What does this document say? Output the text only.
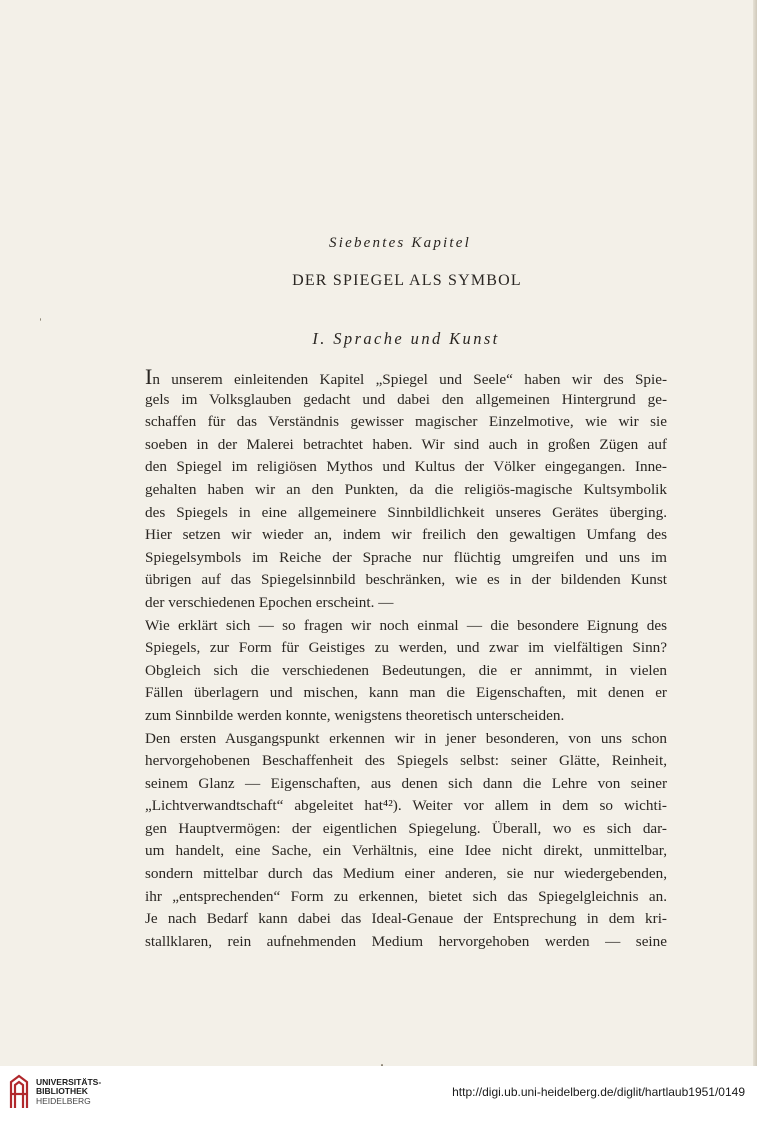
Siebentes Kapitel
DER SPIEGEL ALS SYMBOL
I. Sprache und Kunst
I n unserem einleitenden Kapitel „Spiegel und Seele“ haben wir des Spie-
gels im Volksglauben gedacht und dabei den allgemeinen Hintergrund ge-
schaffen für das Verständnis gewisser magischer Einzelmotive, wie wir sie
soeben in der Malerei betrachtet haben. Wir sind auch in großen Zügen auf
den Spiegel im religiösen Mythos und Kultus der Völker eingegangen. Inne-
gehalten haben wir an den Punkten, da die religiös-magische Kultsymbolik
des Spiegels in eine allgemeinere Sinnbildlichkeit unseres Gerätes überging.
Hier setzen wir wieder an, indem wir freilich den gewaltigen Umfang des
Spiegelsymbols im Reiche der Sprache nur flüchtig umgreifen und uns im
übrigen auf das Spiegelsinnbild beschränken, wie es in der bildenden Kunst
der verschiedenen Epochen erscheint. —
Wie erklärt sich — so fragen wir noch einmal — die besondere Eignung des
Spiegels, zur Form für Geistiges zu werden, und zwar im vielfältigen Sinn?
Obgleich sich die verschiedenen Bedeutungen, die er annimmt, in vielen
Fällen überlagern und mischen, kann man die Eigenschaften, mit denen er
zum Sinnbilde werden konnte, wenigstens theoretisch unterscheiden.
Den ersten Ausgangspunkt erkennen wir in jener besonderen, von uns schon
hervorgehobenen Beschaffenheit des Spiegels selbst: seiner Glätte, Reinheit,
seinem Glanz — Eigenschaften, aus denen sich dann die Lehre von seiner
„Lichtverwandtschaft“ abgeleitet hat⁴²). Weiter vor allem in dem so wichti-
gen Hauptvermögen: der eigentlichen Spiegelung. Überall, wo es sich dar-
um handelt, eine Sache, ein Verhältnis, eine Idee nicht direkt, unmittelbar,
sondern mittelbar durch das Medium einer anderen, sie nur wiedergebenden,
ihr „entsprechenden“ Form zu erkennen, bietet sich das Spiegelgleichnis an.
Je nach Bedarf kann dabei das Ideal-Genaue der Entsprechung in dem kri-
stallklaren, rein aufnehmenden Medium hervorgehoben werden — seine
UNIVERSITÄTS-
BIBLIOTHEK
HEIDELBERG
http://digi.ub.uni-heidelberg.de/diglit/hartlaub1951/0149
